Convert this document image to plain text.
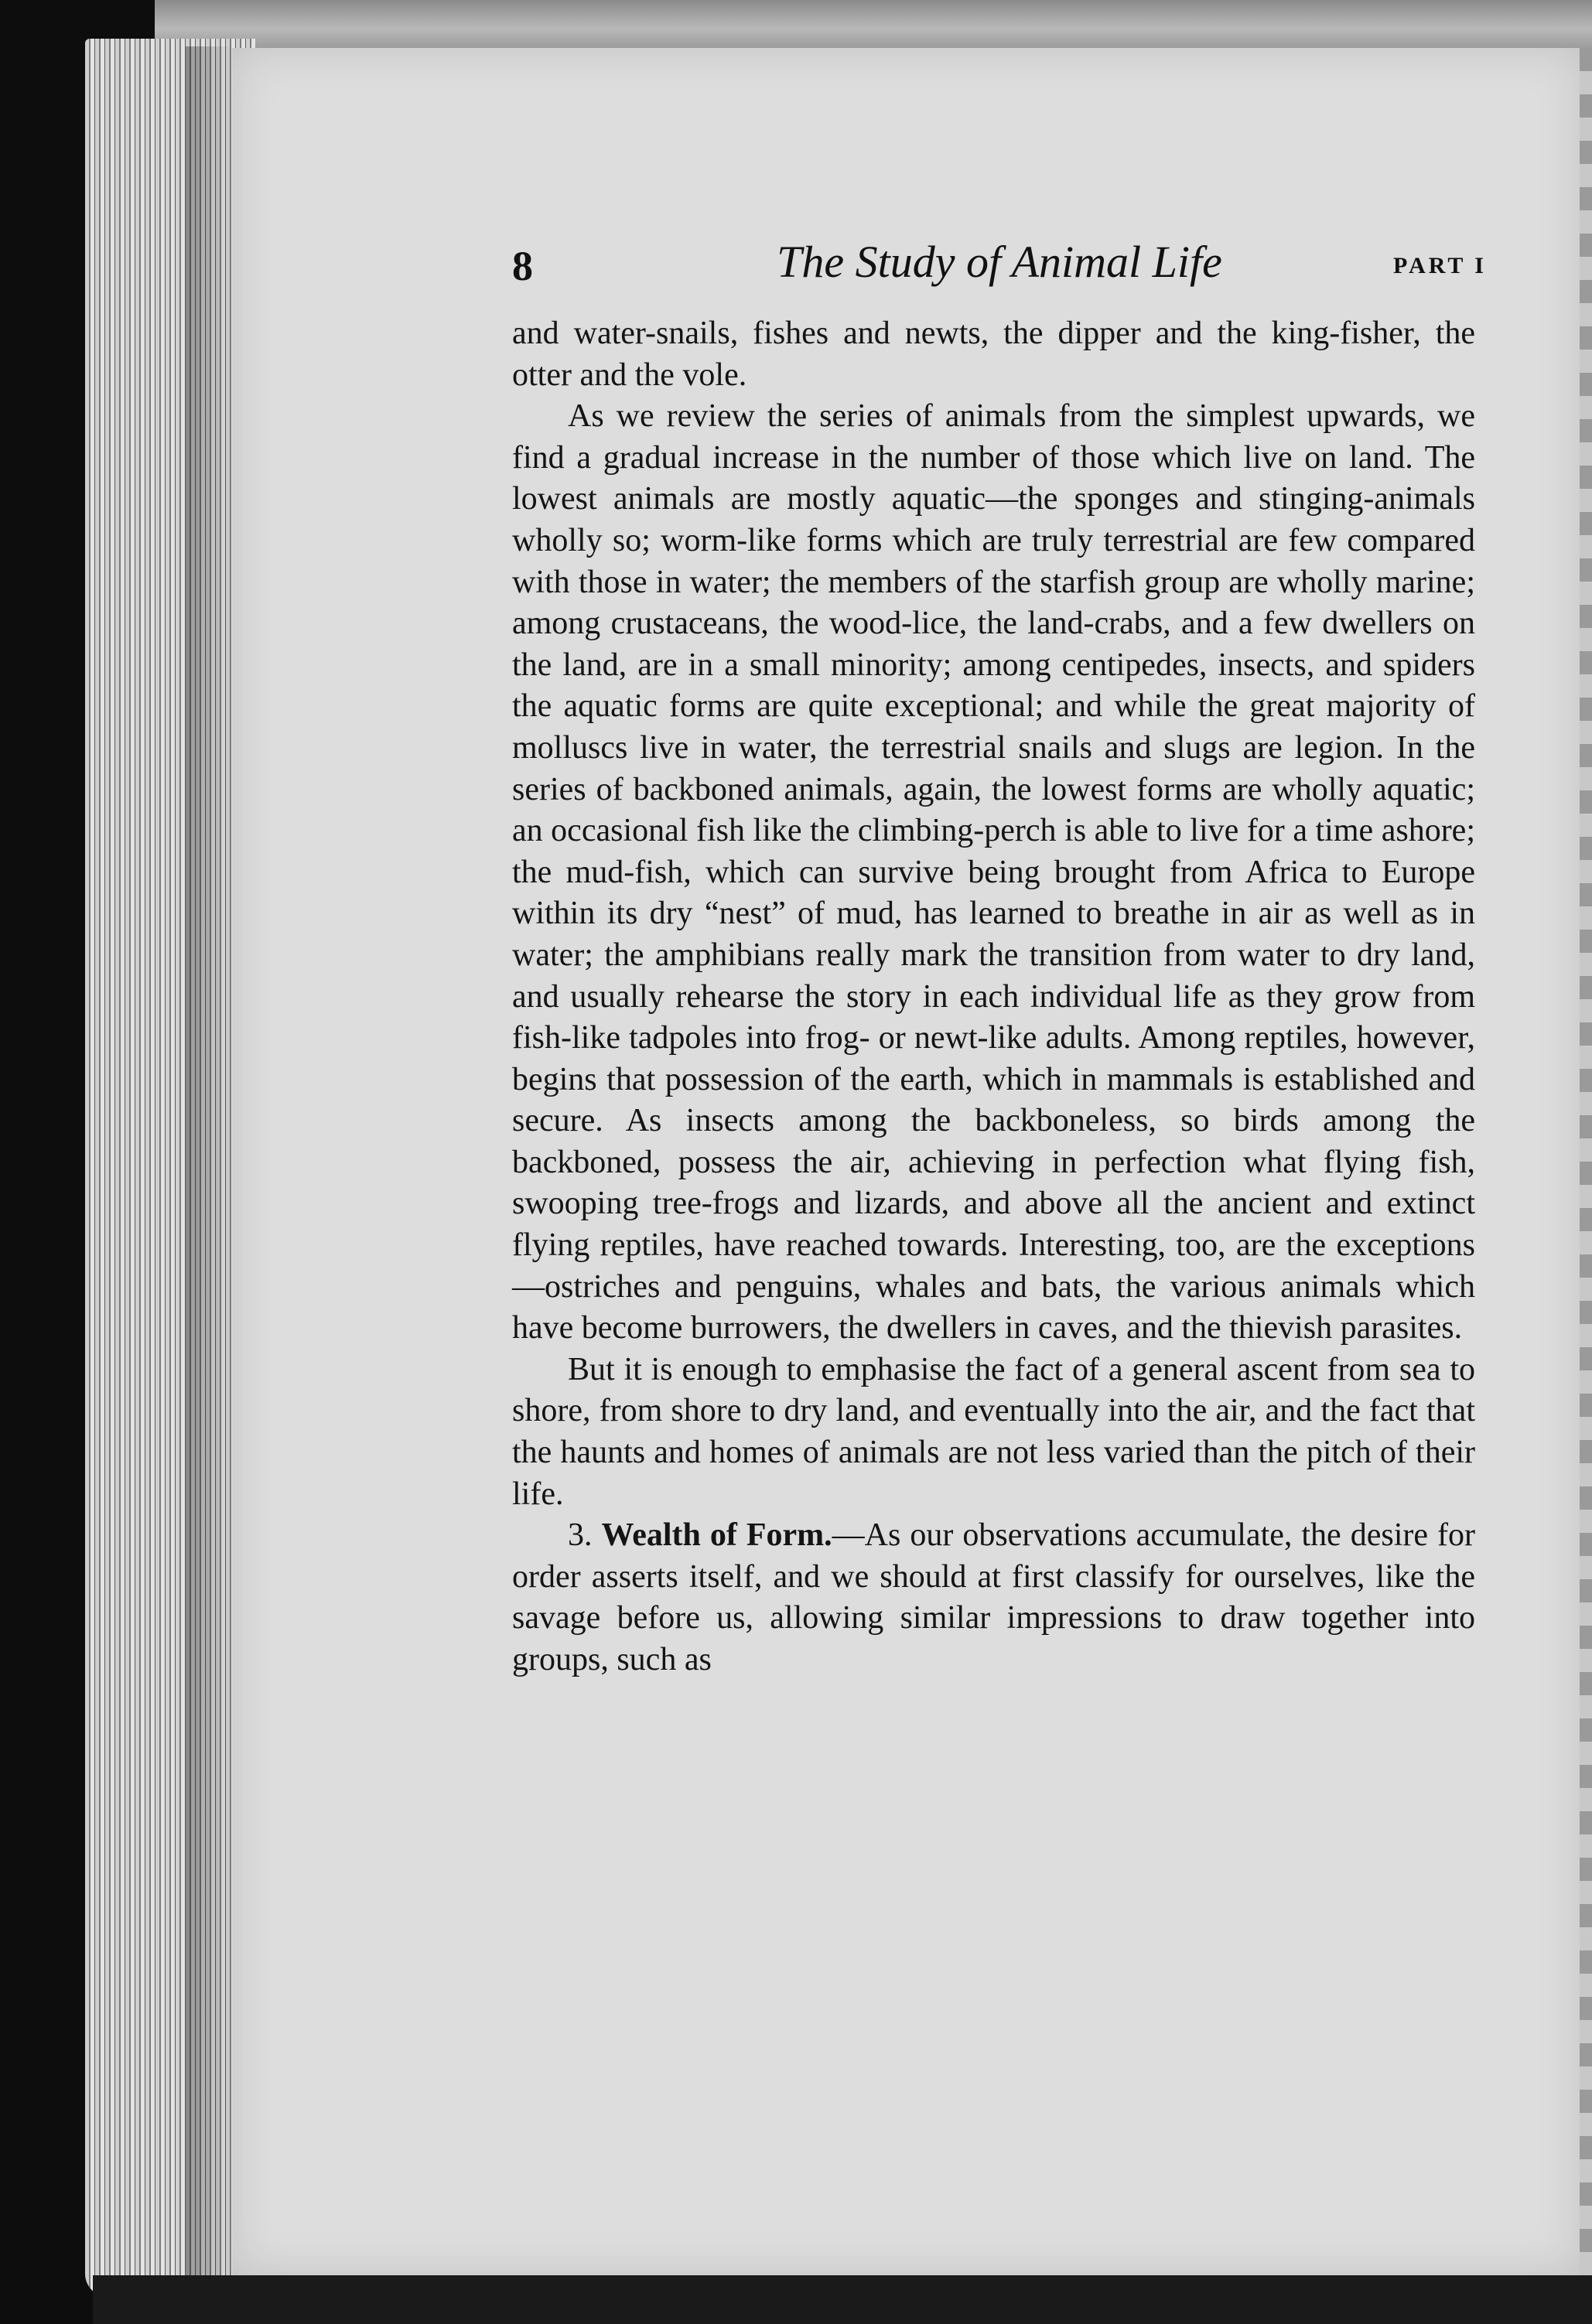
8	The Study of Animal Life	PART I

and water-snails, fishes and newts, the dipper and the king-fisher, the otter and the vole.

As we review the series of animals from the simplest upwards, we find a gradual increase in the number of those which live on land. The lowest animals are mostly aquatic—the sponges and stinging-animals wholly so; worm-like forms which are truly terrestrial are few compared with those in water; the members of the starfish group are wholly marine; among crustaceans, the wood-lice, the land-crabs, and a few dwellers on the land, are in a small minority; among centipedes, insects, and spiders the aquatic forms are quite exceptional; and while the great majority of molluscs live in water, the terrestrial snails and slugs are legion. In the series of backboned animals, again, the lowest forms are wholly aquatic; an occasional fish like the climbing-perch is able to live for a time ashore; the mud-fish, which can survive being brought from Africa to Europe within its dry “nest” of mud, has learned to breathe in air as well as in water; the amphibians really mark the transition from water to dry land, and usually rehearse the story in each individual life as they grow from fish-like tadpoles into frog- or newt-like adults. Among reptiles, however, begins that possession of the earth, which in mammals is established and secure. As insects among the backboneless, so birds among the backboned, possess the air, achieving in perfection what flying fish, swooping tree-frogs and lizards, and above all the ancient and extinct flying reptiles, have reached towards. Interesting, too, are the exceptions—ostriches and penguins, whales and bats, the various animals which have become burrowers, the dwellers in caves, and the thievish parasites.

But it is enough to emphasise the fact of a general ascent from sea to shore, from shore to dry land, and eventually into the air, and the fact that the haunts and homes of animals are not less varied than the pitch of their life.

3. Wealth of Form.—As our observations accumulate, the desire for order asserts itself, and we should at first classify for ourselves, like the savage before us, allowing similar impressions to draw together into groups, such as
